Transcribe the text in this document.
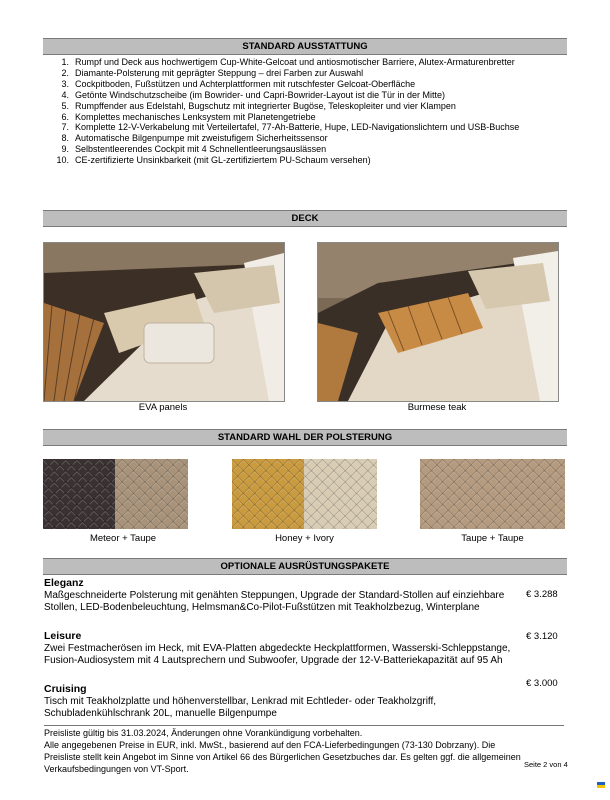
STANDARD AUSSTATTUNG
1. Rumpf und Deck aus hochwertigem Cup-White-Gelcoat und antiosmotischer Barriere, Alutex-Armaturenbretter
2. Diamante-Polsterung mit geprägter Steppung – drei Farben zur Auswahl
3. Cockpitboden, Fußstützen und Achterplattformen mit rutschfester Gelcoat-Oberfläche
4. Getönte Windschutzscheibe (im Bowrider- und Capri-Bowrider-Layout ist die Tür in der Mitte)
5. Rumpffender aus Edelstahl, Bugschutz mit integrierter Bugöse, Teleskopleiter und vier Klampen
6. Komplettes mechanisches Lenksystem mit Planetengetriebe
7. Komplette 12-V-Verkabelung mit Verteilertafel, 77-Ah-Batterie, Hupe, LED-Navigationslichtern und USB-Buchse
8. Automatische Bilgenpumpe mit zweistufigem Sicherheitssensor
9. Selbstentleerendes Cockpit mit 4 Schnellentleerungsauslässen
10. CE-zertifizierte Unsinkbarkeit (mit GL-zertifiziertem PU-Schaum versehen)
DECK
EVA panels	Burmese teak
STANDARD WAHL DER POLSTERUNG
Meteor + Taupe	Honey + Ivory	Taupe + Taupe
OPTIONALE AUSRÜSTUNGSPAKETE
Eleganz
Maßgeschneiderte Polsterung mit genähten Steppungen, Upgrade der Standard-Stollen auf einziehbare Stollen, LED-Bodenbeleuchtung, Helmsman&Co-Pilot-Fußstützen mit Teakholzbezug, Winterplane
€ 3.288
Leisure
Zwei Festmacherösen im Heck, mit EVA-Platten abgedeckte Heckplattformen, Wasserski-Schleppstange, Fusion-Audiosystem mit 4 Lautsprechern und Subwoofer, Upgrade der 12-V-Batteriekapazität auf 95 Ah
€ 3.120
Cruising
Tisch mit Teakholzplatte und höhenverstellbar, Lenkrad mit Echtleder- oder Teakholzgriff, Schubladenkühlschrank 20L, manuelle Bilgenpumpe
€ 3.000
Preisliste gültig bis 31.03.2024, Änderungen ohne Vorankündigung vorbehalten.
Alle angegebenen Preise in EUR, inkl. MwSt., basierend auf den FCA-Lieferbedingungen (73-130 Dobrzany). Die Preisliste stellt kein Angebot im Sinne von Artikel 66 des Bürgerlichen Gesetzbuches dar. Es gelten ggf. die allgemeinen Verkaufsbedingungen von VT-Sport.	Seite 2 von 4
